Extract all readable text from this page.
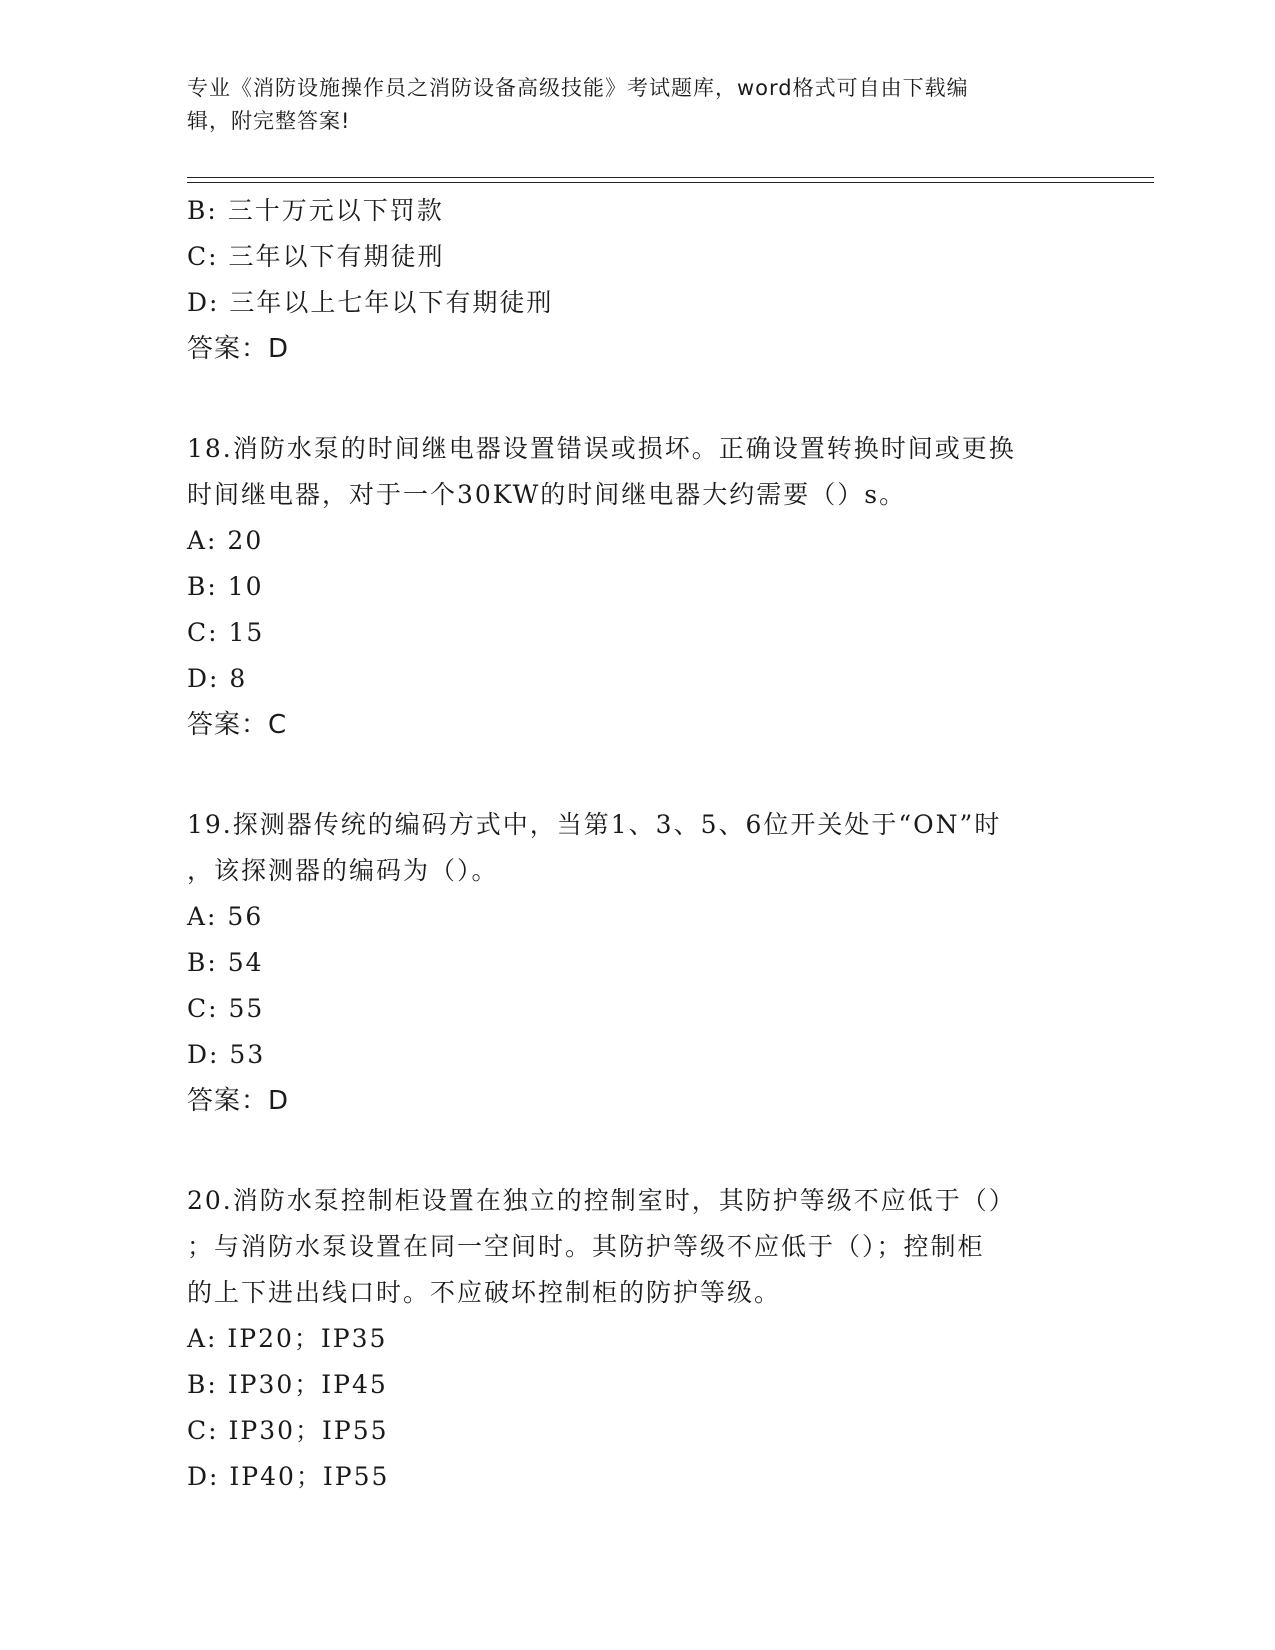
专业《消防设施操作员之消防设备高级技能》考试题库，word格式可自由下载编
辑，附完整答案!
B: 三十万元以下罚款
C: 三年以下有期徒刑
D: 三年以上七年以下有期徒刑
答案：D
18.消防水泵的时间继电器设置错误或损坏。正确设置转换时间或更换
时间继电器，对于一个30KW的时间继电器大约需要（）s。
A: 20
B: 10
C: 15
D: 8
答案：C
19.探测器传统的编码方式中，当第1、3、5、6位开关处于“ON”时
，该探测器的编码为（）。
A: 56
B: 54
C: 55
D: 53
答案：D
20.消防水泵控制柜设置在独立的控制室时，其防护等级不应低于（）
；与消防水泵设置在同一空间时。其防护等级不应低于（）；控制柜
的上下进出线口时。不应破坏控制柜的防护等级。
A: IP20；IP35
B: IP30；IP45
C: IP30；IP55
D: IP40；IP55
